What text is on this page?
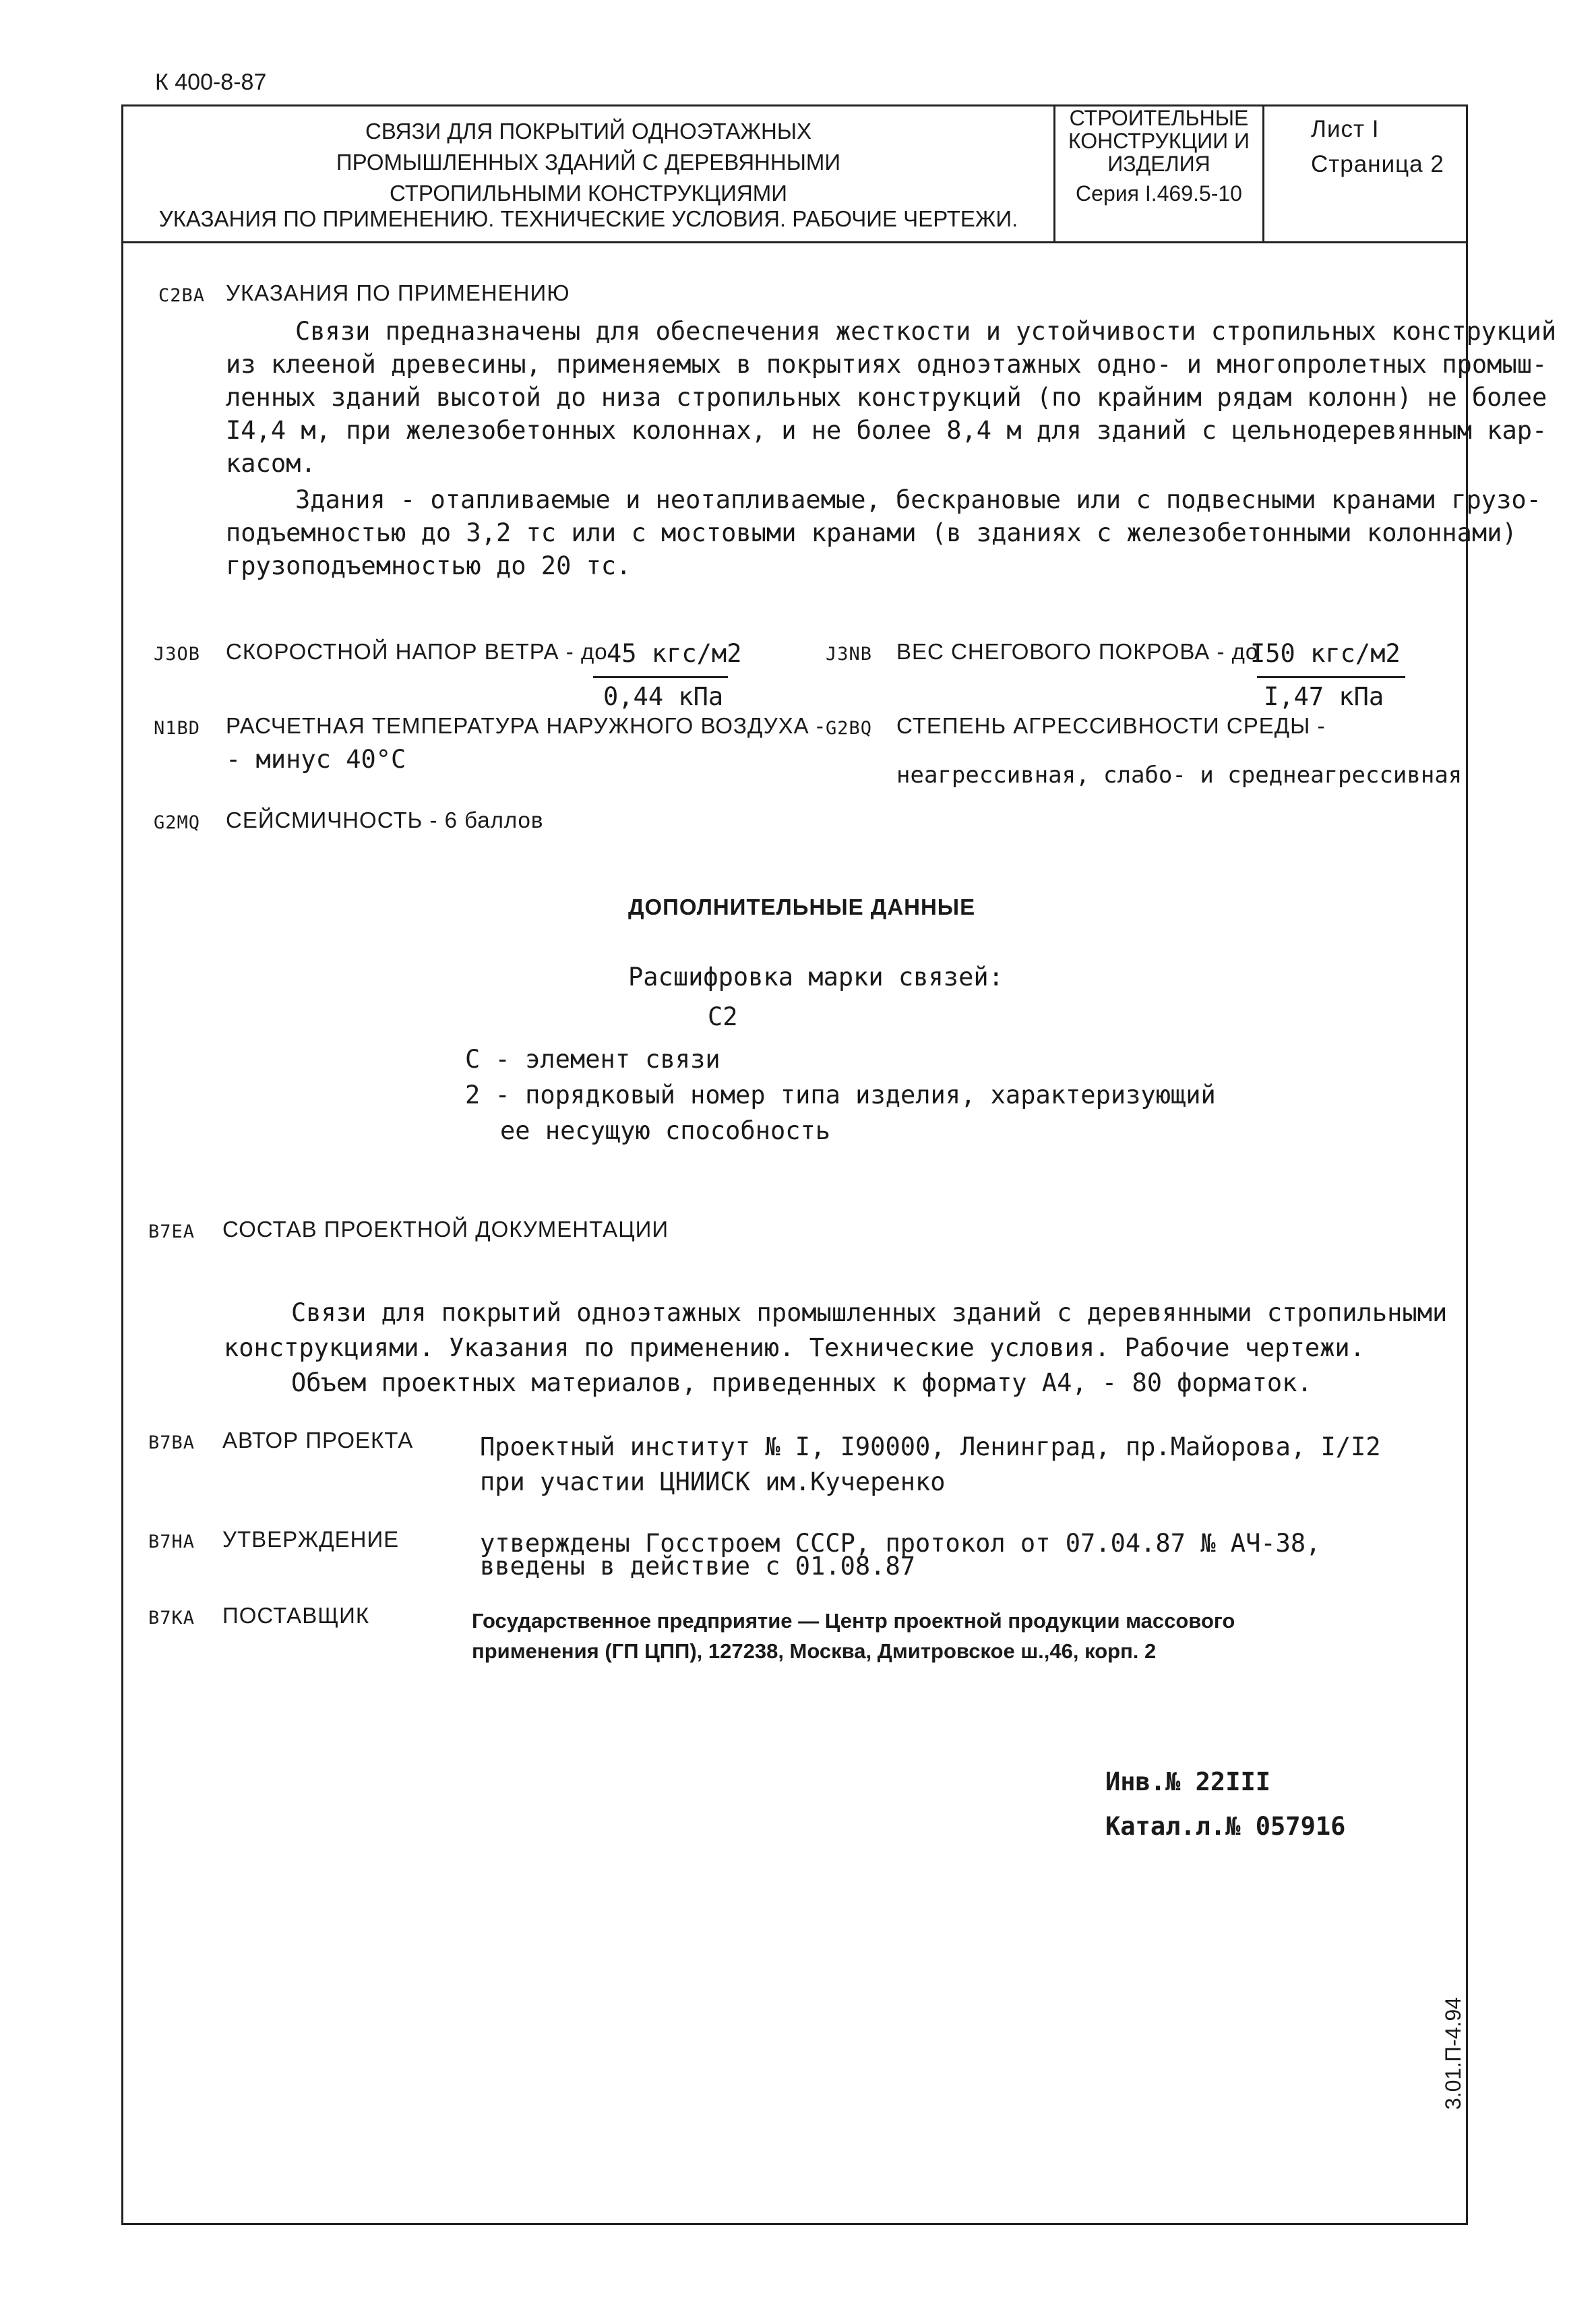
К 400-8-87
СВЯЗИ ДЛЯ ПОКРЫТИЙ ОДНОЭТАЖНЫХ
ПРОМЫШЛЕННЫХ ЗДАНИЙ С ДЕРЕВЯННЫМИ
СТРОПИЛЬНЫМИ КОНСТРУКЦИЯМИ
УКАЗАНИЯ ПО ПРИМЕНЕНИЮ. ТЕХНИЧЕСКИЕ УСЛОВИЯ. РАБОЧИЕ ЧЕРТЕЖИ.
СТРОИТЕЛЬНЫЕ
КОНСТРУКЦИИ И
ИЗДЕЛИЯ
Серия I.469.5-10
Лист I
Страница 2
C2BA УКАЗАНИЯ ПО ПРИМЕНЕНИЮ
Связи предназначены для обеспечения жесткости и устойчивости стропильных конструкций
из клееной древесины, применяемых в покрытиях одноэтажных одно- и многопролетных промыш-
ленных зданий высотой до низа стропильных конструкций (по крайним рядам колонн) не более
I4,4 м, при железобетонных колоннах, и не более 8,4 м для зданий с цельнодеревянным кар-
касом.
Здания - отапливаемые и неотапливаемые, бескрановые или с подвесными кранами грузо-
подъемностью до 3,2 тс или с мостовыми кранами (в зданиях с железобетонными колоннами)
грузоподъемностью до 20 тс.
J3OB СКОРОСТНОЙ НАПОР ВЕТРА - до
45 кгс/м2
0,44 кПа
J3NB ВЕС СНЕГОВОГО ПОКРОВА - до
I50 кгс/м2
I,47 кПа
N1BD РАСЧЕТНАЯ ТЕМПЕРАТУРА НАРУЖНОГО ВОЗДУХА -
- минус 40°C
G2BQ СТЕПЕНЬ АГРЕССИВНОСТИ СРЕДЫ -
неагрессивная, слабо- и среднеагрессивная
G2MQ СЕЙСМИЧНОСТЬ - 6 баллов
ДОПОЛНИТЕЛЬНЫЕ ДАННЫЕ
Расшифровка марки связей:
С2
С - элемент связи
2 - порядковый номер типа изделия, характеризующий
ее несущую способность
B7EA СОСТАВ ПРОЕКТНОЙ ДОКУМЕНТАЦИИ
Связи для покрытий одноэтажных промышленных зданий с деревянными стропильными
конструкциями. Указания по применению. Технические условия. Рабочие чертежи.
Объем проектных материалов, приведенных к формату А4, - 80 форматок.
B7BA АВТОР ПРОЕКТА	Проектный институт № I, I90000, Ленинград, пр.Майорова, I/I2
при участии ЦНИИСК им.Кучеренко
B7HA УТВЕРЖДЕНИЕ	утверждены Госстроем СССР, протокол от 07.04.87 № АЧ-38,
введены в действие с 01.08.87
B7KA ПОСТАВЩИК	Государственное предприятие — Центр проектной продукции массового
применения (ГП ЦПП), 127238, Москва, Дмитровское ш.,46, корп. 2
Инв.№ 22III
Катал.л.№ 057916
3.01.П-4.94
